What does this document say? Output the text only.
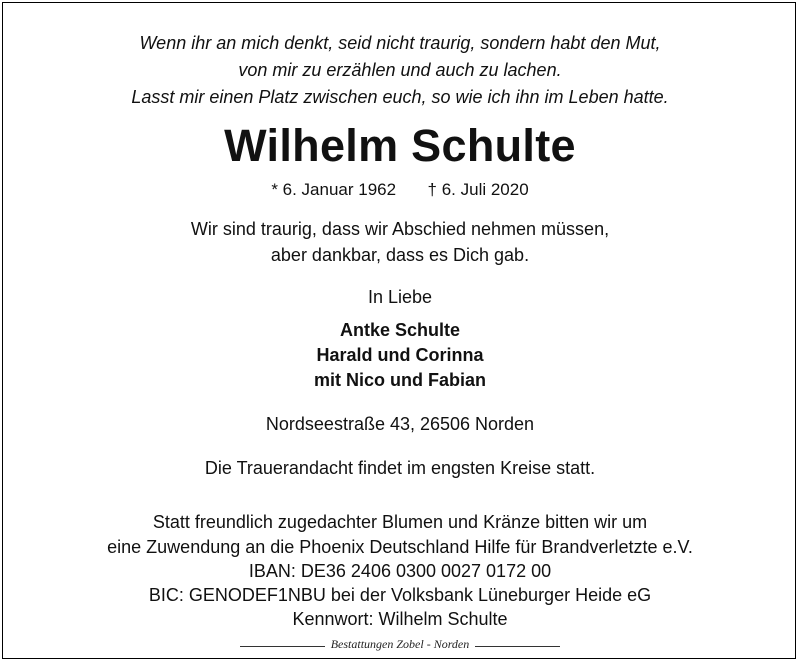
Wenn ihr an mich denkt, seid nicht traurig, sondern habt den Mut,
von mir zu erzählen und auch zu lachen.
Lasst mir einen Platz zwischen euch, so wie ich ihn im Leben hatte.
Wilhelm Schulte
* 6. Januar 1962 † 6. Juli 2020
Wir sind traurig, dass wir Abschied nehmen müssen,
aber dankbar, dass es Dich gab.
In Liebe
Antke Schulte
Harald und Corinna
mit Nico und Fabian
Nordseestraße 43, 26506 Norden
Die Trauerandacht findet im engsten Kreise statt.
Statt freundlich zugedachter Blumen und Kränze bitten wir um
eine Zuwendung an die Phoenix Deutschland Hilfe für Brandverletzte e.V.
IBAN: DE36 2406 0300 0027 0172 00
BIC: GENODEF1NBU bei der Volksbank Lüneburger Heide eG
Kennwort: Wilhelm Schulte
Bestattungen Zobel - Norden
